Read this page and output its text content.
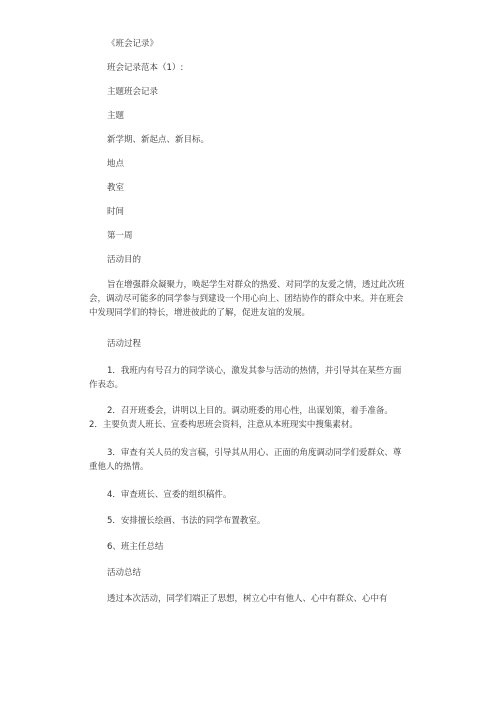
《班会记录》
班会记录范本（1）:
主题班会记录
主题
新学期、新起点、新目标。
地点
教室
时间
第一周
活动目的
旨在增强群众凝聚力，唤起学生对群众的热爱、对同学的友爱之情，透过此次班会，调动尽可能多的同学参与到建设一个用心向上、团结协作的群众中来。并在班会中发现同学们的特长，增进彼此的了解，促进友谊的发展。
活动过程
1．我班内有号召力的同学谈心，激发其参与活动的热情，并引导其在某些方面作表态。
2．召开班委会，讲明以上目的。调动班委的用心性，出谋划策，着手准备。
2．主要负责人班长、宣委构思班会资料，注意从本班现实中搜集素材。
3．审查有关人员的发言稿，引导其从用心、正面的角度调动同学们爱群众、尊重他人的热情。
4．审查班长、宣委的组织稿件。
5．安排擅长绘画、书法的同学布置教室。
6、班主任总结
活动总结
透过本次活动，同学们端正了思想，树立心中有他人、心中有群众、心中有
